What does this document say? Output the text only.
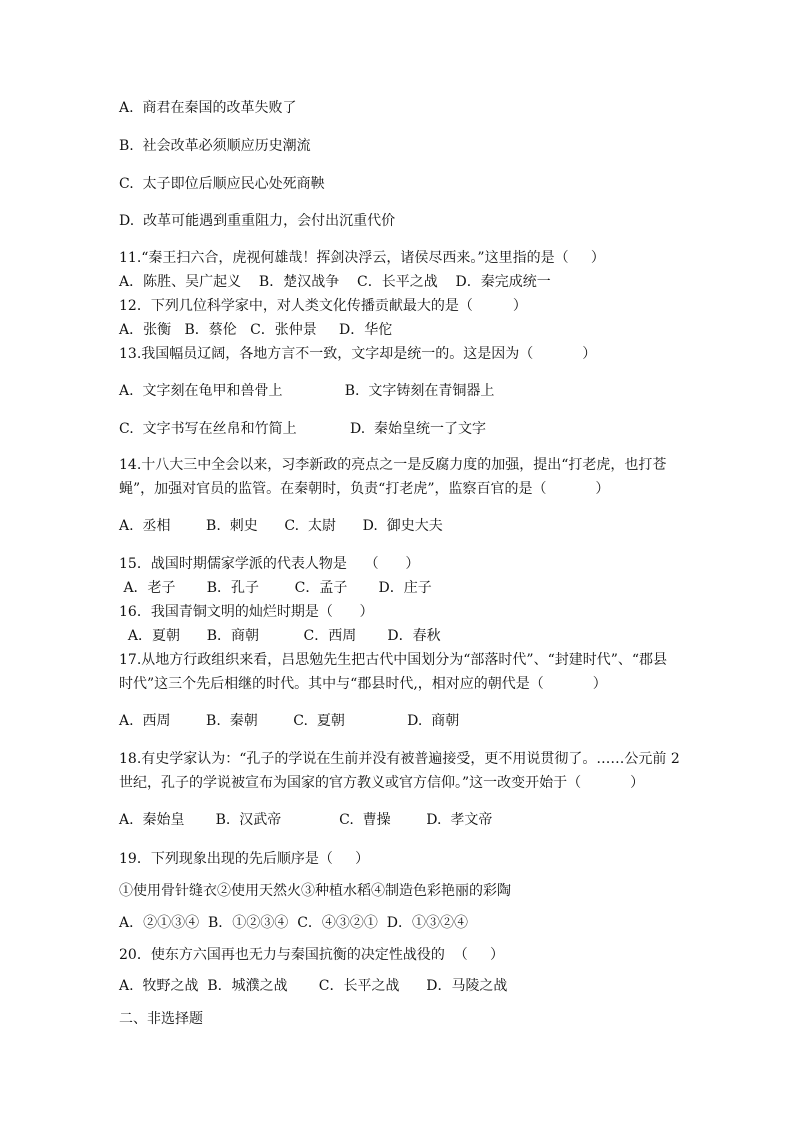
A.  商君在秦国的改革失败了
B.  社会改革必须顺应历史潮流
C.  太子即位后顺应民心处死商鞅
D.  改革可能遇到重重阻力，会付出沉重代价
11.“秦王扫六合，虎视何雄哉！挥剑决浮云，诸侯尽西来。”这里指的是（     ）
A．陈胜、吴广起义    B．楚汉战争    C．长平之战    D．秦完成统一
12．下列几位科学家中，对人类文化传播贡献最大的是（         ）
A．张衡   B．蔡伦   C．张仲景     D．华佗
13.我国幅员辽阔，各地方言不一致，文字却是统一的。这是因为（           ）
A.  文字刻在龟甲和兽骨上              B.  文字铸刻在青铜器上
C.  文字书写在丝帛和竹简上            D.  秦始皇统一了文字
14.十八大三中全会以来，习李新政的亮点之一是反腐力度的加强，提出“打老虎，也打苍
蝇”，加强对官员的监管。在秦朝时，负责“打老虎”，监察百官的是（           ）
A.  丞相        B.  刺史      C.  太尉      D.  御史大夫
15．战国时期儒家学派的代表人物是    （      ）
A．老子       B．孔子        C．孟子       D．庄子
16．我国青铜文明的灿烂时期是（      ）
A．夏朝      B．商朝          C．西周       D．春秋
17.从地方行政组织来看，吕思勉先生把古代中国划分为“部落时代”、“封建时代”、“郡县
时代”这三个先后相继的时代。其中与“郡县时代,，相对应的朝代是（           ）
A.  西周        B.  秦朝        C.  夏朝              D.  商朝
18.有史学家认为：“孔子的学说在生前并没有被普遍接受，更不用说贯彻了。……公元前 2
世纪，孔子的学说被宣布为国家的官方教义或官方信仰。”这一改变开始于（           ）
A.  秦始皇       B.  汉武帝             C.  曹操        D.  孝文帝
19．下列现象出现的先后顺序是（     ）
①使用骨针缝衣②使用天然火③种植水稻④制造色彩艳丽的彩陶
A．②①③④  B．①②③④  C．④③②①  D．①③②④
20．使东方六国再也无力与秦国抗衡的决定性战役的  （     ）
A.  牧野之战  B．城濮之战       C．长平之战      D．马陵之战
二、非选择题
